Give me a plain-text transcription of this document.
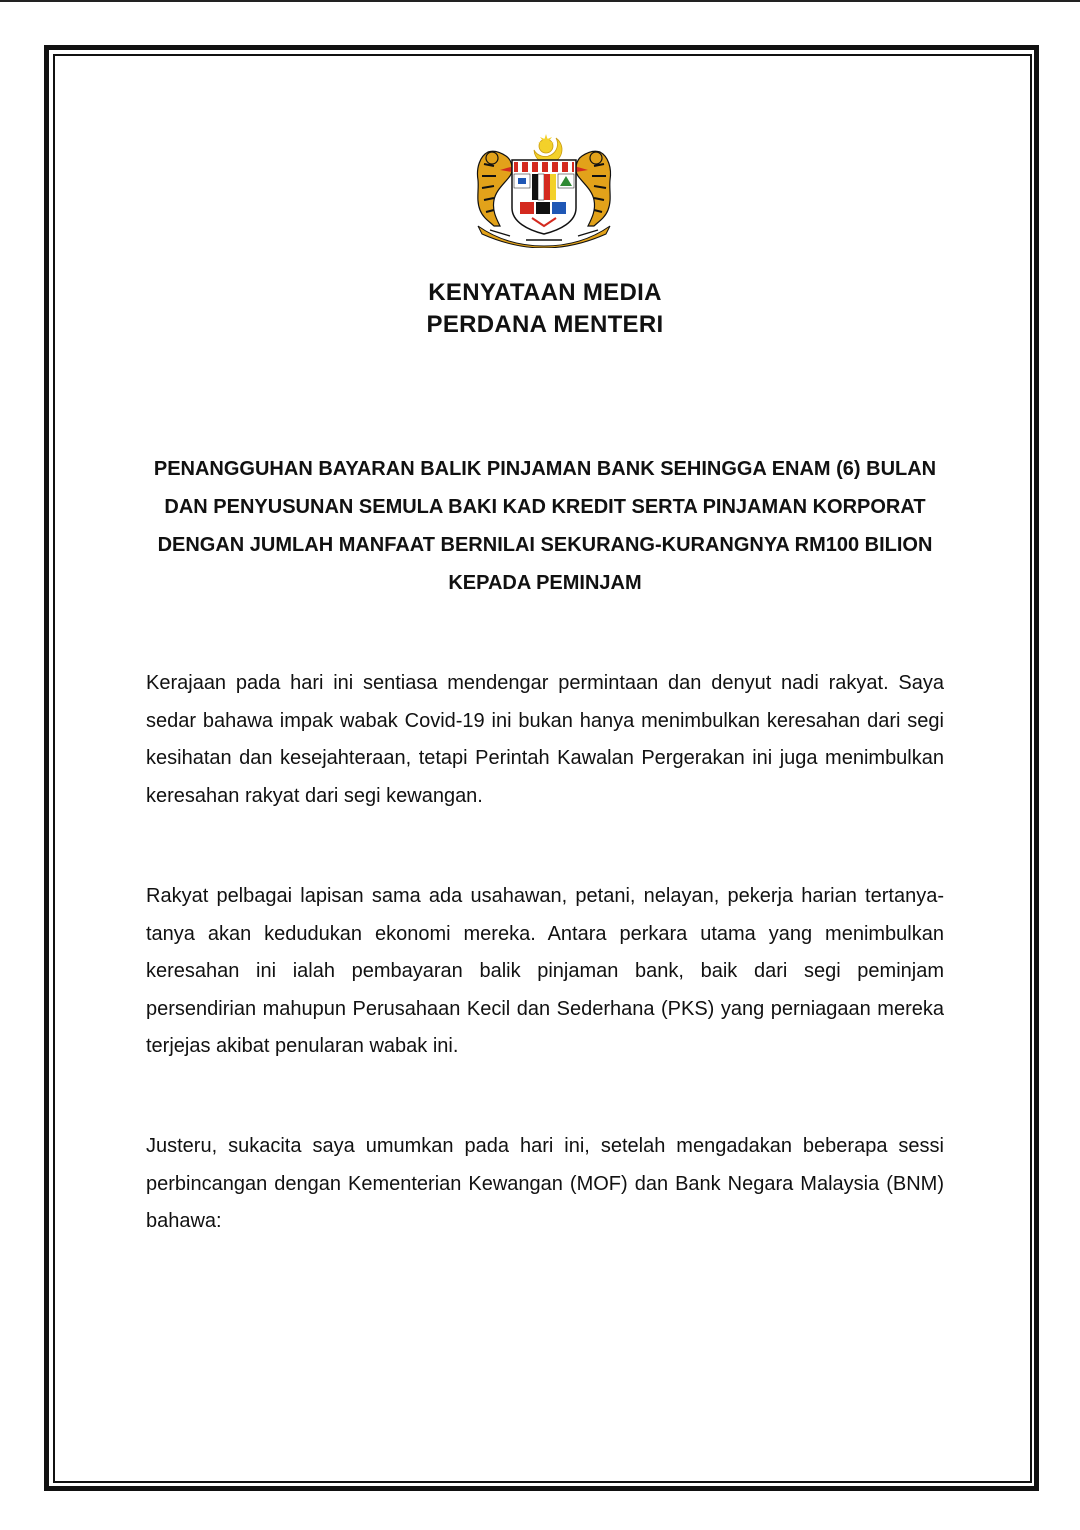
KENYATAAN MEDIA

PERDANA MENTERI

PENANGGUHAN BAYARAN BALIK PINJAMAN BANK SEHINGGA ENAM (6) BULAN DAN PENYUSUNAN SEMULA BAKI KAD KREDIT SERTA PINJAMAN KORPORAT DENGAN JUMLAH MANFAAT BERNILAI SEKURANG-KURANGNYA RM100 BILION KEPADA PEMINJAM

Kerajaan pada hari ini sentiasa mendengar permintaan dan denyut nadi rakyat. Saya sedar bahawa impak wabak Covid-19 ini bukan hanya menimbulkan keresahan dari segi kesihatan dan kesejahteraan, tetapi Perintah Kawalan Pergerakan ini juga menimbulkan keresahan rakyat dari segi kewangan.

Rakyat pelbagai lapisan sama ada usahawan, petani, nelayan, pekerja harian tertanya-tanya akan kedudukan ekonomi mereka. Antara perkara utama yang menimbulkan keresahan ini ialah pembayaran balik pinjaman bank, baik dari segi peminjam persendirian mahupun Perusahaan Kecil dan Sederhana (PKS) yang perniagaan mereka terjejas akibat penularan wabak ini.

Justeru, sukacita saya umumkan pada hari ini, setelah mengadakan beberapa sessi perbincangan dengan Kementerian Kewangan (MOF) dan Bank Negara Malaysia (BNM) bahawa:
